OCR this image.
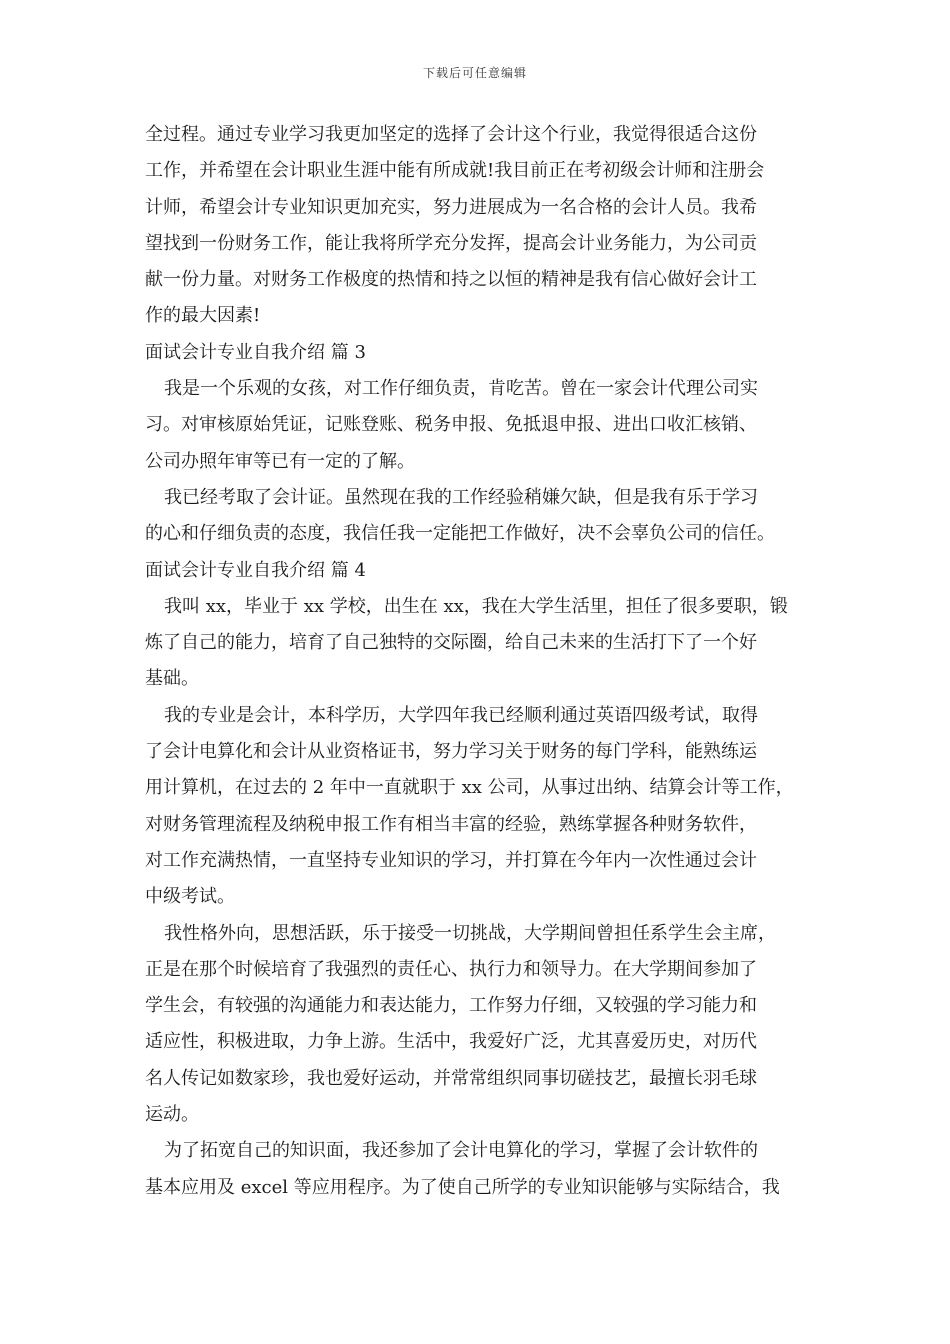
下载后可任意编辑
全过程。通过专业学习我更加坚定的选择了会计这个行业，我觉得很适合这份
工作，并希望在会计职业生涯中能有所成就!我目前正在考初级会计师和注册会
计师，希望会计专业知识更加充实，努力进展成为一名合格的会计人员。我希
望找到一份财务工作，能让我将所学充分发挥，提高会计业务能力，为公司贡
献一份力量。对财务工作极度的热情和持之以恒的精神是我有信心做好会计工
作的最大因素!
面试会计专业自我介绍 篇 3
我是一个乐观的女孩，对工作仔细负责，肯吃苦。曾在一家会计代理公司实
习。对审核原始凭证，记账登账、税务申报、免抵退申报、进出口收汇核销、
公司办照年审等已有一定的了解。
我已经考取了会计证。虽然现在我的工作经验稍嫌欠缺，但是我有乐于学习
的心和仔细负责的态度，我信任我一定能把工作做好，决不会辜负公司的信任。
面试会计专业自我介绍 篇 4
我叫 xx，毕业于 xx 学校，出生在 xx，我在大学生活里，担任了很多要职，锻
炼了自己的能力，培育了自己独特的交际圈，给自己未来的生活打下了一个好
基础。
我的专业是会计，本科学历，大学四年我已经顺利通过英语四级考试，取得
了会计电算化和会计从业资格证书，努力学习关于财务的每门学科，能熟练运
用计算机，在过去的 2 年中一直就职于 xx 公司，从事过出纳、结算会计等工作，
对财务管理流程及纳税申报工作有相当丰富的经验，熟练掌握各种财务软件，
对工作充满热情，一直坚持专业知识的学习，并打算在今年内一次性通过会计
中级考试。
我性格外向，思想活跃，乐于接受一切挑战，大学期间曾担任系学生会主席，
正是在那个时候培育了我强烈的责任心、执行力和领导力。在大学期间参加了
学生会，有较强的沟通能力和表达能力，工作努力仔细，又较强的学习能力和
适应性，积极进取，力争上游。生活中，我爱好广泛，尤其喜爱历史，对历代
名人传记如数家珍，我也爱好运动，并常常组织同事切磋技艺，最擅长羽毛球
运动。
为了拓宽自己的知识面，我还参加了会计电算化的学习，掌握了会计软件的
基本应用及 excel 等应用程序。为了使自己所学的专业知识能够与实际结合，我
